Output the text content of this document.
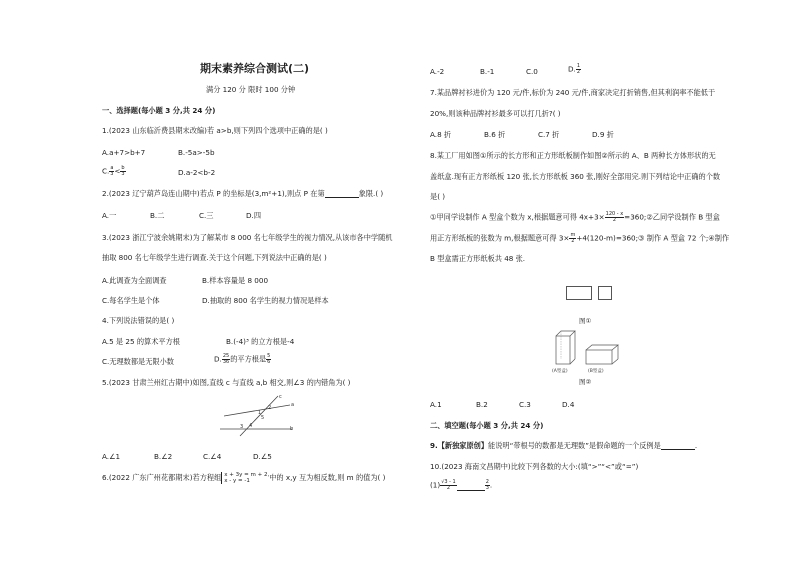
期末素养综合测试(二)
满分 120 分 限时 100 分钟
一、选择题(每小题 3 分,共 24 分)
1.(2023 山东临沂费县期末改编)若 a>b,则下列四个选项中正确的是( )
A.a+7>b+7	B.-5a>-5b
C. $\frac{a}{3} < \frac{b}{3}$	D.a-2<b-2
2.(2023 辽宁葫芦岛连山期中)若点 P 的坐标是(3,m²+1),则点 P 在第	象限.( )
A.一	B.二	C.三	D.四
3.(2023 浙江宁波余姚期末)为了解某市 8 000 名七年级学生的视力情况,从该市各中学随机
抽取 800 名七年级学生进行调查.关于这个问题,下列说法中正确的是( )
A.此调查为全面调查	B.样本容量是 8 000
C.每名学生是个体	D.抽取的 800 名学生的视力情况是样本
4.下列说法错误的是( )
A.5 是 25 的算术平方根	B.(-4)³ 的立方根是-4
C.无理数都是无限小数	D. $\frac{25}{36}$ 的平方根是 $\frac{5}{6}$
5.(2023 甘肃兰州红古期中)如图,直线 c 与直线 a,b 相交,则∠3 的内错角为( )
c
a
b
1
2
3 4
5
A.∠1	B.∠2	C.∠4	D.∠5
6.(2022 广东广州花都期末)若方程组 x + 3y = m + 2,
x - y = -1	中的 x,y 互为相反数,则 m 的值为( )
A.-2	B.-1	C.0	D. $\frac{1}{2}$
7.某品牌衬衫进价为 120 元/件,标价为 240 元/件,商家决定打折销售,但其利润率不能低于
20%,则该种品牌衬衫最多可以打几折?( )
A.8 折	B.6 折	C.7 折	D.9 折
8.某工厂用如图①所示的长方形和正方形纸板制作如图②所示的 A、B 两种长方体形状的无
盖纸盒.现有正方形纸板 120 张,长方形纸板 360 张,刚好全部用完.则下列结论中正确的个数
是( )
①甲同学设制作 A 型盒个数为 x,根据题意可得 $4x+3\times \frac{120 - x}{2}$ =360;②乙同学设制作 B 型盒
用正方形纸板的张数为 m,根据题意可得 $3\times \frac{m}{2}$ +4(120-m)=360;③ 制作 A 型盒 72 个;④制作
B 型盒需正方形纸板共 48 张.
图①
(A型盒)	(B型盒)
图②
A.1	B.2	C.3	D.4
二、填空题(每小题 3 分,共 24 分)
9.【新独家原创】能说明“带根号的数都是无理数”是假命题的一个反例是	.
10.(2023 海南文昌期中)比较下列各数的大小:(填“>”“<”或“=”)
$(1) \frac{√3 - 1}{2}$	$\frac{2}{3}$ .
